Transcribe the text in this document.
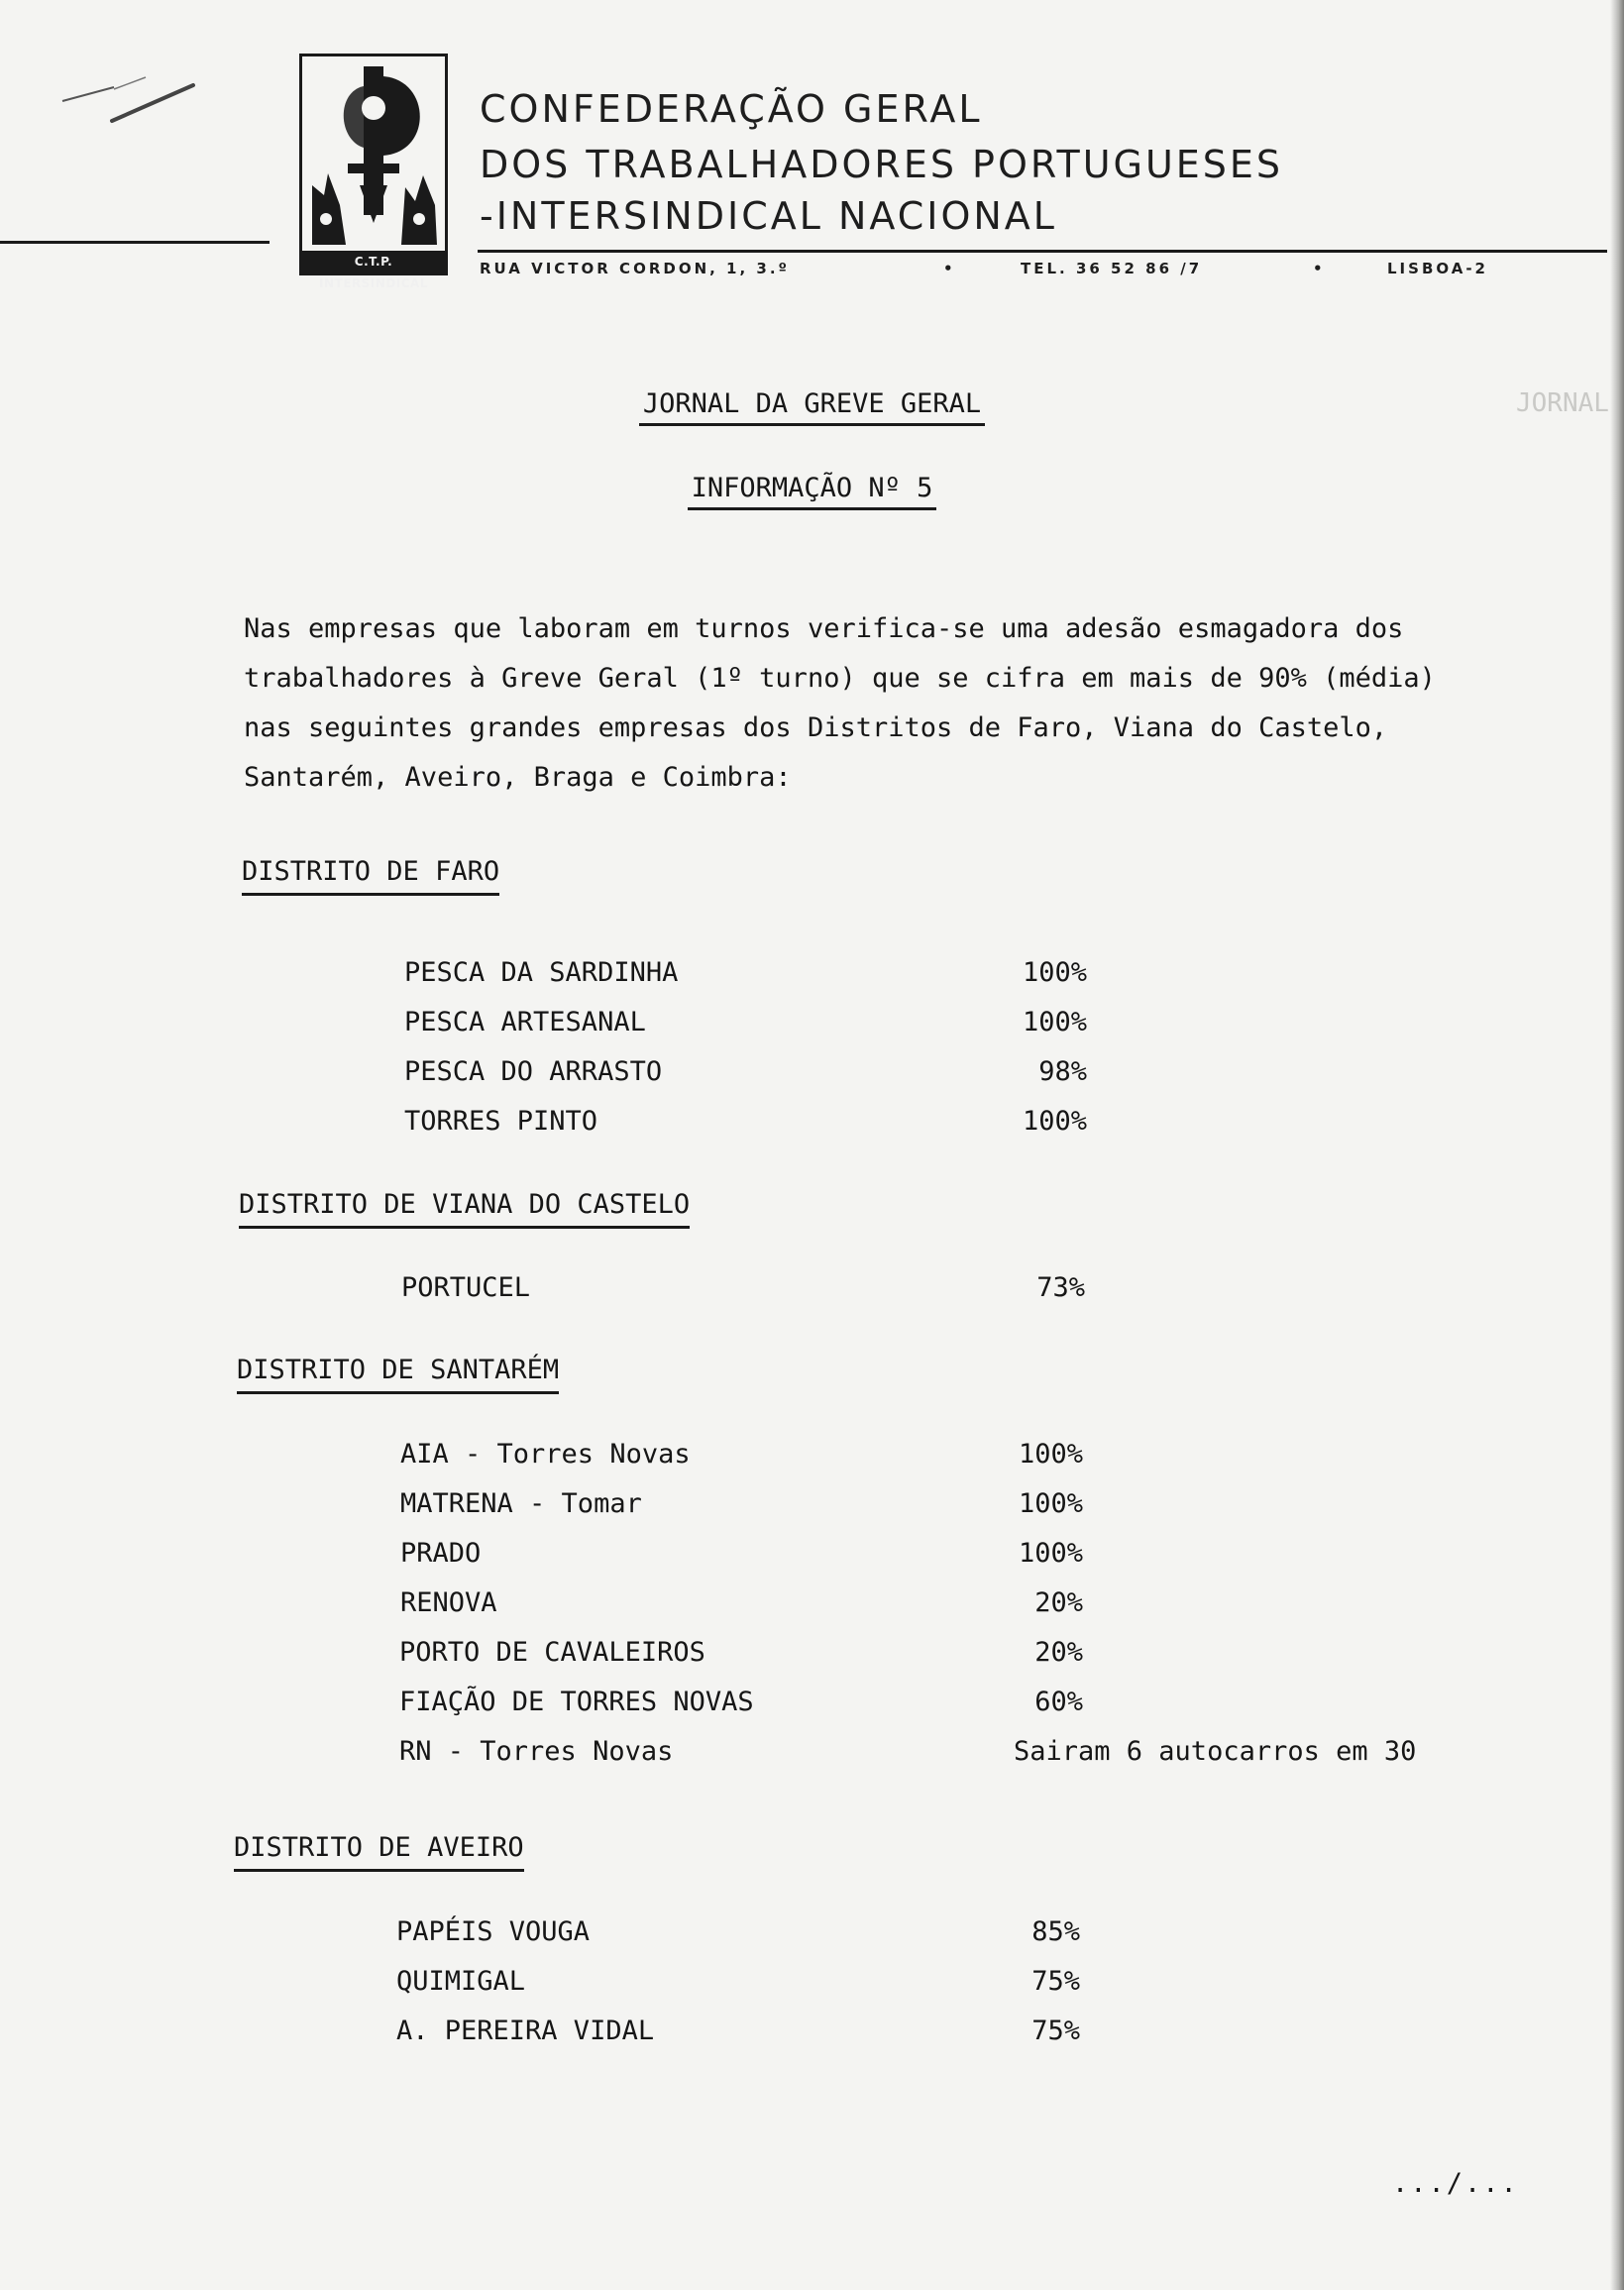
C.T.P. INTERSINDICAL
CONFEDERAÇÃO GERAL
DOS TRABALHADORES PORTUGUESES
-INTERSINDICAL NACIONAL
RUA VICTOR CORDON, 1, 3.º	•	TEL. 36 52 86 /7	•	LISBOA-2
JORNAL
JORNAL DA GREVE GERAL
INFORMAÇÃO Nº 5
Nas empresas que laboram em turnos verifica-se uma adesão esmagadora dos
trabalhadores à Greve Geral (1º turno) que se cifra em mais de 90% (média)
nas seguintes grandes empresas dos Distritos de Faro, Viana do Castelo,
Santarém, Aveiro, Braga e Coimbra:
DISTRITO DE FARO
PESCA DA SARDINHA	100%
PESCA ARTESANAL	100%
PESCA DO ARRASTO	98%
TORRES PINTO	100%
DISTRITO DE VIANA DO CASTELO
PORTUCEL	73%
DISTRITO DE SANTARÉM
AIA - Torres Novas	100%
MATRENA - Tomar	100%
PRADO	100%
RENOVA	20%
PORTO DE CAVALEIROS	20%
FIAÇÃO DE TORRES NOVAS	60%
RN - Torres Novas	Sairam 6 autocarros em 30
DISTRITO DE AVEIRO
PAPÉIS VOUGA	85%
QUIMIGAL	75%
A. PEREIRA VIDAL	75%
.../...
